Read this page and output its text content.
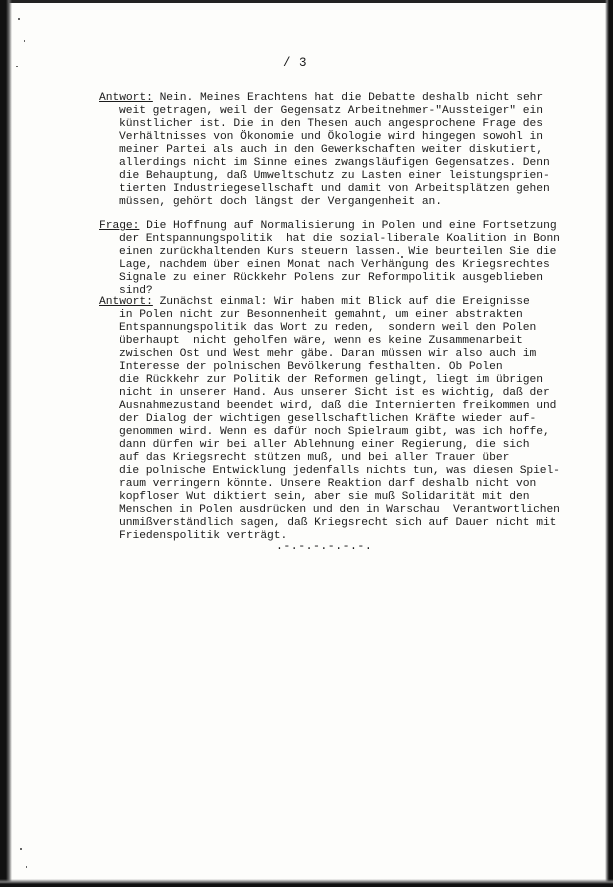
/ 3
Antwort: Nein. Meines Erachtens hat die Debatte deshalb nicht sehr
weit getragen, weil der Gegensatz Arbeitnehmer-"Aussteiger" ein
künstlicher ist. Die in den Thesen auch angesprochene Frage des
Verhältnisses von Ökonomie und Ökologie wird hingegen sowohl in
meiner Partei als auch in den Gewerkschaften weiter diskutiert,
allerdings nicht im Sinne eines zwangsläufigen Gegensatzes. Denn
die Behauptung, daß Umweltschutz zu Lasten einer leistungsprien-
tierten Industriegesellschaft und damit von Arbeitsplätzen gehen
müssen, gehört doch längst der Vergangenheit an.
Frage: Die Hoffnung auf Normalisierung in Polen und eine Fortsetzung
der Entspannungspolitik  hat die sozial-liberale Koalition in Bonn
einen zurückhaltenden Kurs steuern lassen. Wie beurteilen Sie die
Lage, nachdem über einen Monat nach Verhängung des Kriegsrechtes
Signale zu einer Rückkehr Polens zur Reformpolitik ausgeblieben
sind?
Antwort: Zunächst einmal: Wir haben mit Blick auf die Ereignisse
in Polen nicht zur Besonnenheit gemahnt, um einer abstrakten
Entspannungspolitik das Wort zu reden,  sondern weil den Polen
überhaupt  nicht geholfen wäre, wenn es keine Zusammenarbeit
zwischen Ost und West mehr gäbe. Daran müssen wir also auch im
Interesse der polnischen Bevölkerung festhalten. Ob Polen
die Rückkehr zur Politik der Reformen gelingt, liegt im übrigen
nicht in unserer Hand. Aus unserer Sicht ist es wichtig, daß der
Ausnahmezustand beendet wird, daß die Internierten freikommen und
der Dialog der wichtigen gesellschaftlichen Kräfte wieder auf-
genommen wird. Wenn es dafür noch Spielraum gibt, was ich hoffe,
dann dürfen wir bei aller Ablehnung einer Regierung, die sich
auf das Kriegsrecht stützen muß, und bei aller Trauer über
die polnische Entwicklung jedenfalls nichts tun, was diesen Spiel-
raum verringern könnte. Unsere Reaktion darf deshalb nicht von
kopfloser Wut diktiert sein, aber sie muß Solidarität mit den
Menschen in Polen ausdrücken und den in Warschau  Verantwortlichen
unmißverständlich sagen, daß Kriegsrecht sich auf Dauer nicht mit
Friedenspolitik verträgt.
.-.-.-.-.-.-.
